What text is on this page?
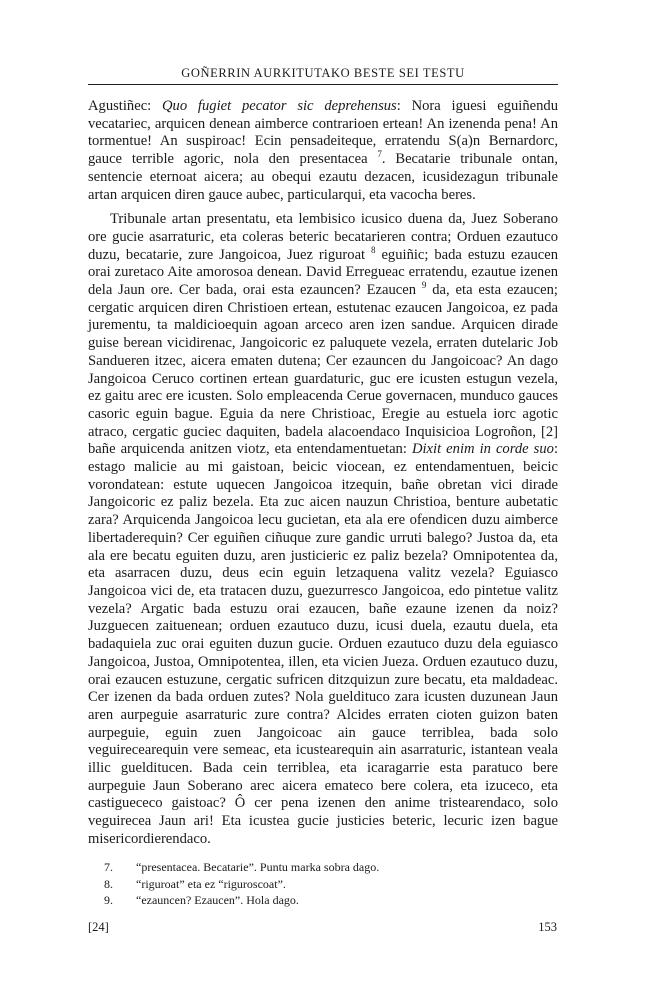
GOÑERRIN AURKITUTAKO BESTE SEI TESTU

Agustiñec: Quo fugiet pecator sic deprehensus: Nora iguesi eguiñendu vecatariec, arquicen denean aimberce contrarioen ertean! An izenenda pena! An tormentue! An suspiroac! Ecin pensadeiteque, erratendu S(a)n Bernardorc, gauce terrible agoric, nola den presentacea $^7$. Becatarie tribunale ontan, sentencie eternoat aicera; au obequi ezautu dezacen, icusidezagun tribunale artan arquicen diren gauce aubec, particularqui, eta vacocha beres.

Tribunale artan presentatu, eta lembisico icusico duena da, Juez Soberano ore gucie asarraturic, eta coleras beteric becatarieren contra; Orduen ezautuco duzu, becatarie, zure Jangoicoa, Juez riguroat $^8$ eguiñic; bada estuzu ezaucen orai zuretaco Aite amorosoa denean. David Erregueac erratendu, ezautue izenen dela Jaun ore. Cer bada, orai esta ezauncen? Ezaucen $^9$ da, eta esta ezaucen; cergatic arquicen diren Christioen ertean, estutenac ezaucen Jangoicoa, ez pada jurementu, ta maldicioequin agoan arceco aren izen sandue. Arquicen dirade guise berean vicidirenac, Jangoicoric ez paluquete vezela, erraten dutelaric Job Sandueren itzec, aicera ematen dutena; Cer ezauncen du Jangoicoac? An dago Jangoicoa Ceruco cortinen ertean guardaturic, guc ere icusten estugun vezela, ez gaitu arec ere icusten. Solo empleacenda Cerue governacen, munduco gauces casoric eguin bague. Eguia da nere Christioac, Eregie au estuela iorc agotic atraco, cergatic guciec daquiten, badela alacoendaco Inquisicioa Logroñon, [2] bañe arquicenda anitzen viotz, eta entendamentuetan: Dixit enim in corde suo: estago malicie au mi gaistoan, beicic viocean, ez entendamentuen, beicic vorondatean: estute uquecen Jangoicoa itzequin, bañe obretan vici dirade Jangoicoric ez paliz bezela. Eta zuc aicen nauzun Christioa, benture aubetatic zara? Arquicenda Jangoicoa lecu gucietan, eta ala ere ofendicen duzu aimberce libertaderequin? Cer eguiñen ciñuque zure gandic urruti balego? Justoa da, eta ala ere becatu eguiten duzu, aren justicieric ez paliz bezela? Omnipotentea da, eta asarracen duzu, deus ecin eguin letzaquena valitz vezela? Eguiasco Jangoicoa vici de, eta tratacen duzu, guezurresco Jangoicoa, edo pintetue valitz vezela? Argatic bada estuzu orai ezaucen, bañe ezaune izenen da noiz? Juzguecen zaituenean; orduen ezautuco duzu, icusi duela, ezautu duela, eta badaquiela zuc orai eguiten duzun gucie. Orduen ezautuco duzu dela eguiasco Jangoicoa, Justoa, Omnipotentea, illen, eta vicien Jueza. Orduen ezautuco duzu, orai ezaucen estuzune, cergatic sufricen ditzquizun zure becatu, eta maldadeac. Cer izenen da bada orduen zutes? Nola guelditucо zara icusten duzunean Jaun aren aurpeguie asarraturic zure contra? Alcides erraten cioten guizon baten aurpeguie, eguin zuen Jangoicoac ain gauce terriblea, bada solo veguirecearequin vere semeac, eta icustearequin ain asarraturic, istantean veala illic guelditucen. Bada cein terriblea, eta icaragarrie esta paratuco bere aurpeguie Jaun Soberano arec aicera emateco bere colera, eta izuceco, eta castiguececo gaistoac? Ô cer pena izenen den anime tristearendaco, solo veguirecea Jaun ari! Eta icustea gucie justicies beteric, lecuric izen bague misericordierendaco.

7.	“presentacea. Becatarie”. Puntu marka sobra dago.
8.	“riguroat” eta ez “riguroscoat”.
9.	“ezauncen? Ezaucen”. Hola dago.
[24]	153
